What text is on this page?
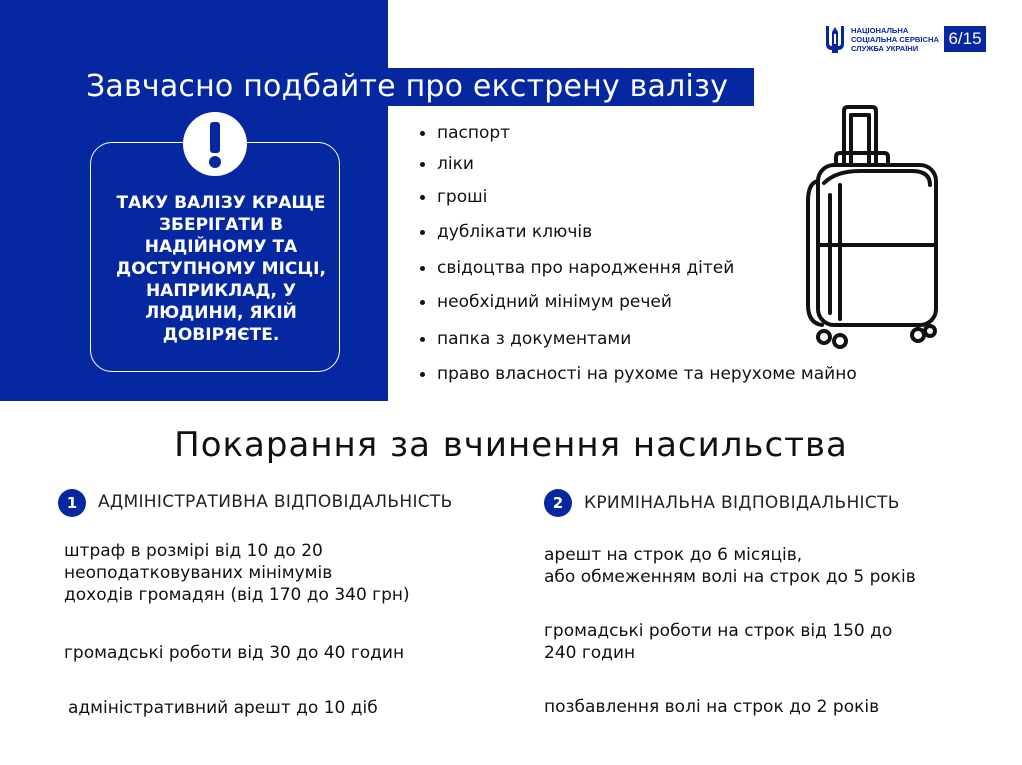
Завчасно подбайте про екстрену валізу
НАЦІОНАЛЬНА
СОЦІАЛЬНА СЕРВІСНА
СЛУЖБА УКРАЇНИ	6/15
ТАКУ ВАЛІЗУ КРАЩЕ ЗБЕРІГАТИ В НАДІЙНОМУ ТА ДОСТУПНОМУ МІСЦІ, НАПРИКЛАД, У ЛЮДИНИ, ЯКІЙ ДОВІРЯЄТЕ.
паспорт
ліки
гроші
дублікати ключів
свідоцтва про народження дітей
необхідний мінімум речей
папка з документами
право власності на рухоме та нерухоме майно
Покарання за вчинення насильства
1	АДМІНІСТРАТИВНА ВІДПОВІДАЛЬНІСТЬ	2	КРИМІНАЛЬНА ВІДПОВІДАЛЬНІСТЬ
штраф в розмірі від 10 до 20
неоподатковуваних мінімумів
доходів громадян (від 170 до 340 грн)
громадські роботи від 30 до 40 годин
адміністративний арешт до 10 діб
арешт на строк до 6 місяців,
або обмеженням волі на строк до 5 років
громадські роботи на строк від 150 до
240 годин
позбавлення волі на строк до 2 років
